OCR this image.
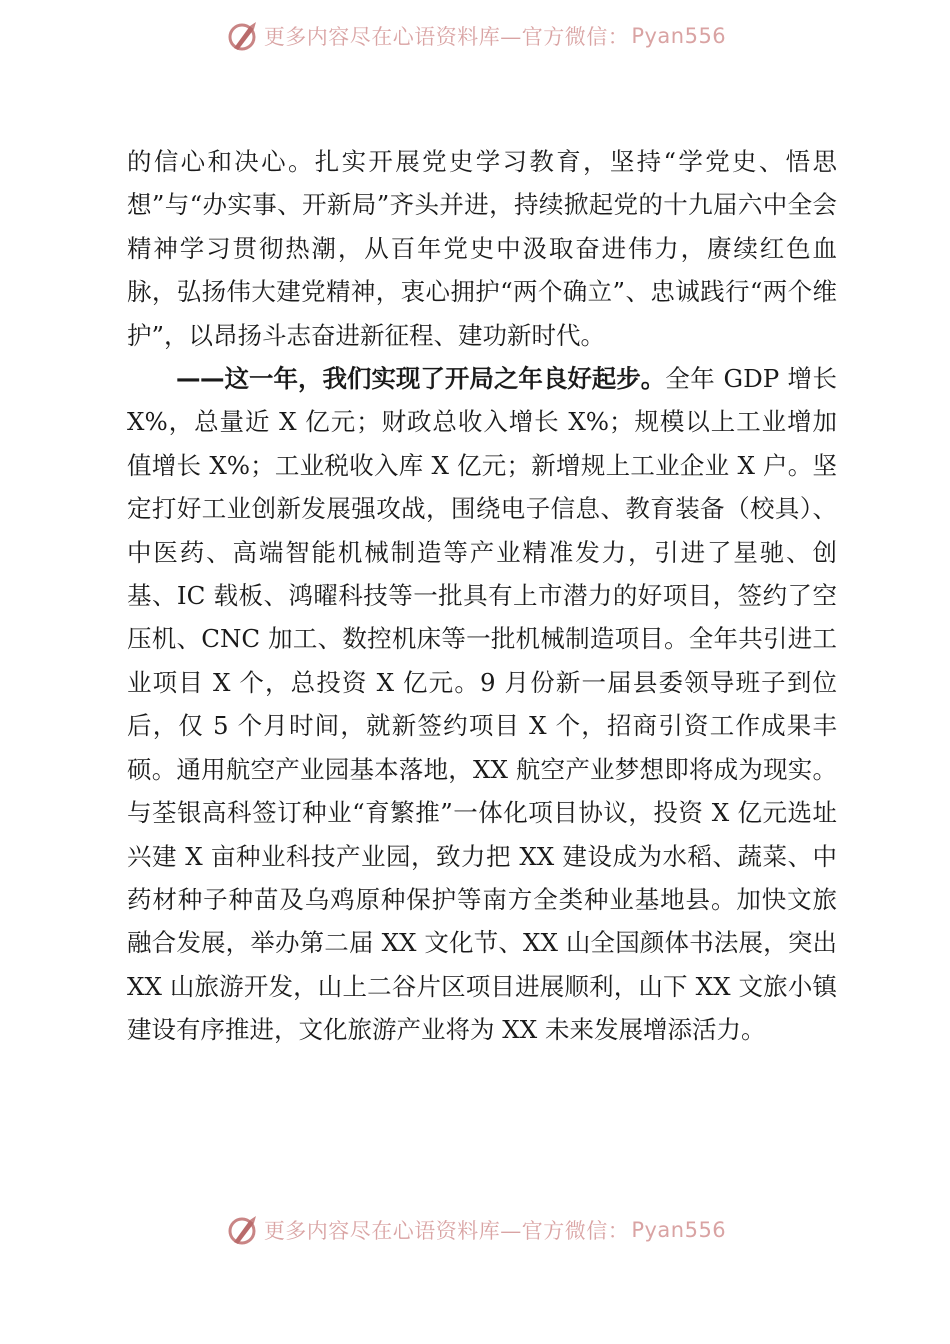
更多内容尽在心语资料库—官方微信： Pyan556

的信心和决心。扎实开展党史学习教育，坚持“学党史、悟思想”与“办实事、开新局”齐头并进，持续掀起党的十九届六中全会精神学习贯彻热潮，从百年党史中汲取奋进伟力，赓续红色血脉，弘扬伟大建党精神，衷心拥护“两个确立”、忠诚践行“两个维护”，以昂扬斗志奋进新征程、建功新时代。

——这一年，我们实现了开局之年良好起步。全年 GDP 增长 X%，总量近 X 亿元；财政总收入增长 X%；规模以上工业增加值增长 X%；工业税收入库 X 亿元；新增规上工业企业 X 户。坚定打好工业创新发展强攻战，围绕电子信息、教育装备（校具）、中医药、高端智能机械制造等产业精准发力，引进了星驰、创基、IC 载板、鸿曜科技等一批具有上市潜力的好项目，签约了空压机、CNC 加工、数控机床等一批机械制造项目。全年共引进工业项目 X 个，总投资 X 亿元。9 月份新一届县委领导班子到位后，仅 5 个月时间，就新签约项目 X 个，招商引资工作成果丰硕。通用航空产业园基本落地，XX 航空产业梦想即将成为现实。与荃银高科签订种业“育繁推”一体化项目协议，投资 X 亿元选址兴建 X 亩种业科技产业园，致力把 XX 建设成为水稻、蔬菜、中药材种子种苗及乌鸡原种保护等南方全类种业基地县。加快文旅融合发展，举办第二届 XX 文化节、XX 山全国颜体书法展，突出 XX 山旅游开发，山上二谷片区项目进展顺利，山下 XX 文旅小镇建设有序推进，文化旅游产业将为 XX 未来发展增添活力。

更多内容尽在心语资料库—官方微信： Pyan556
